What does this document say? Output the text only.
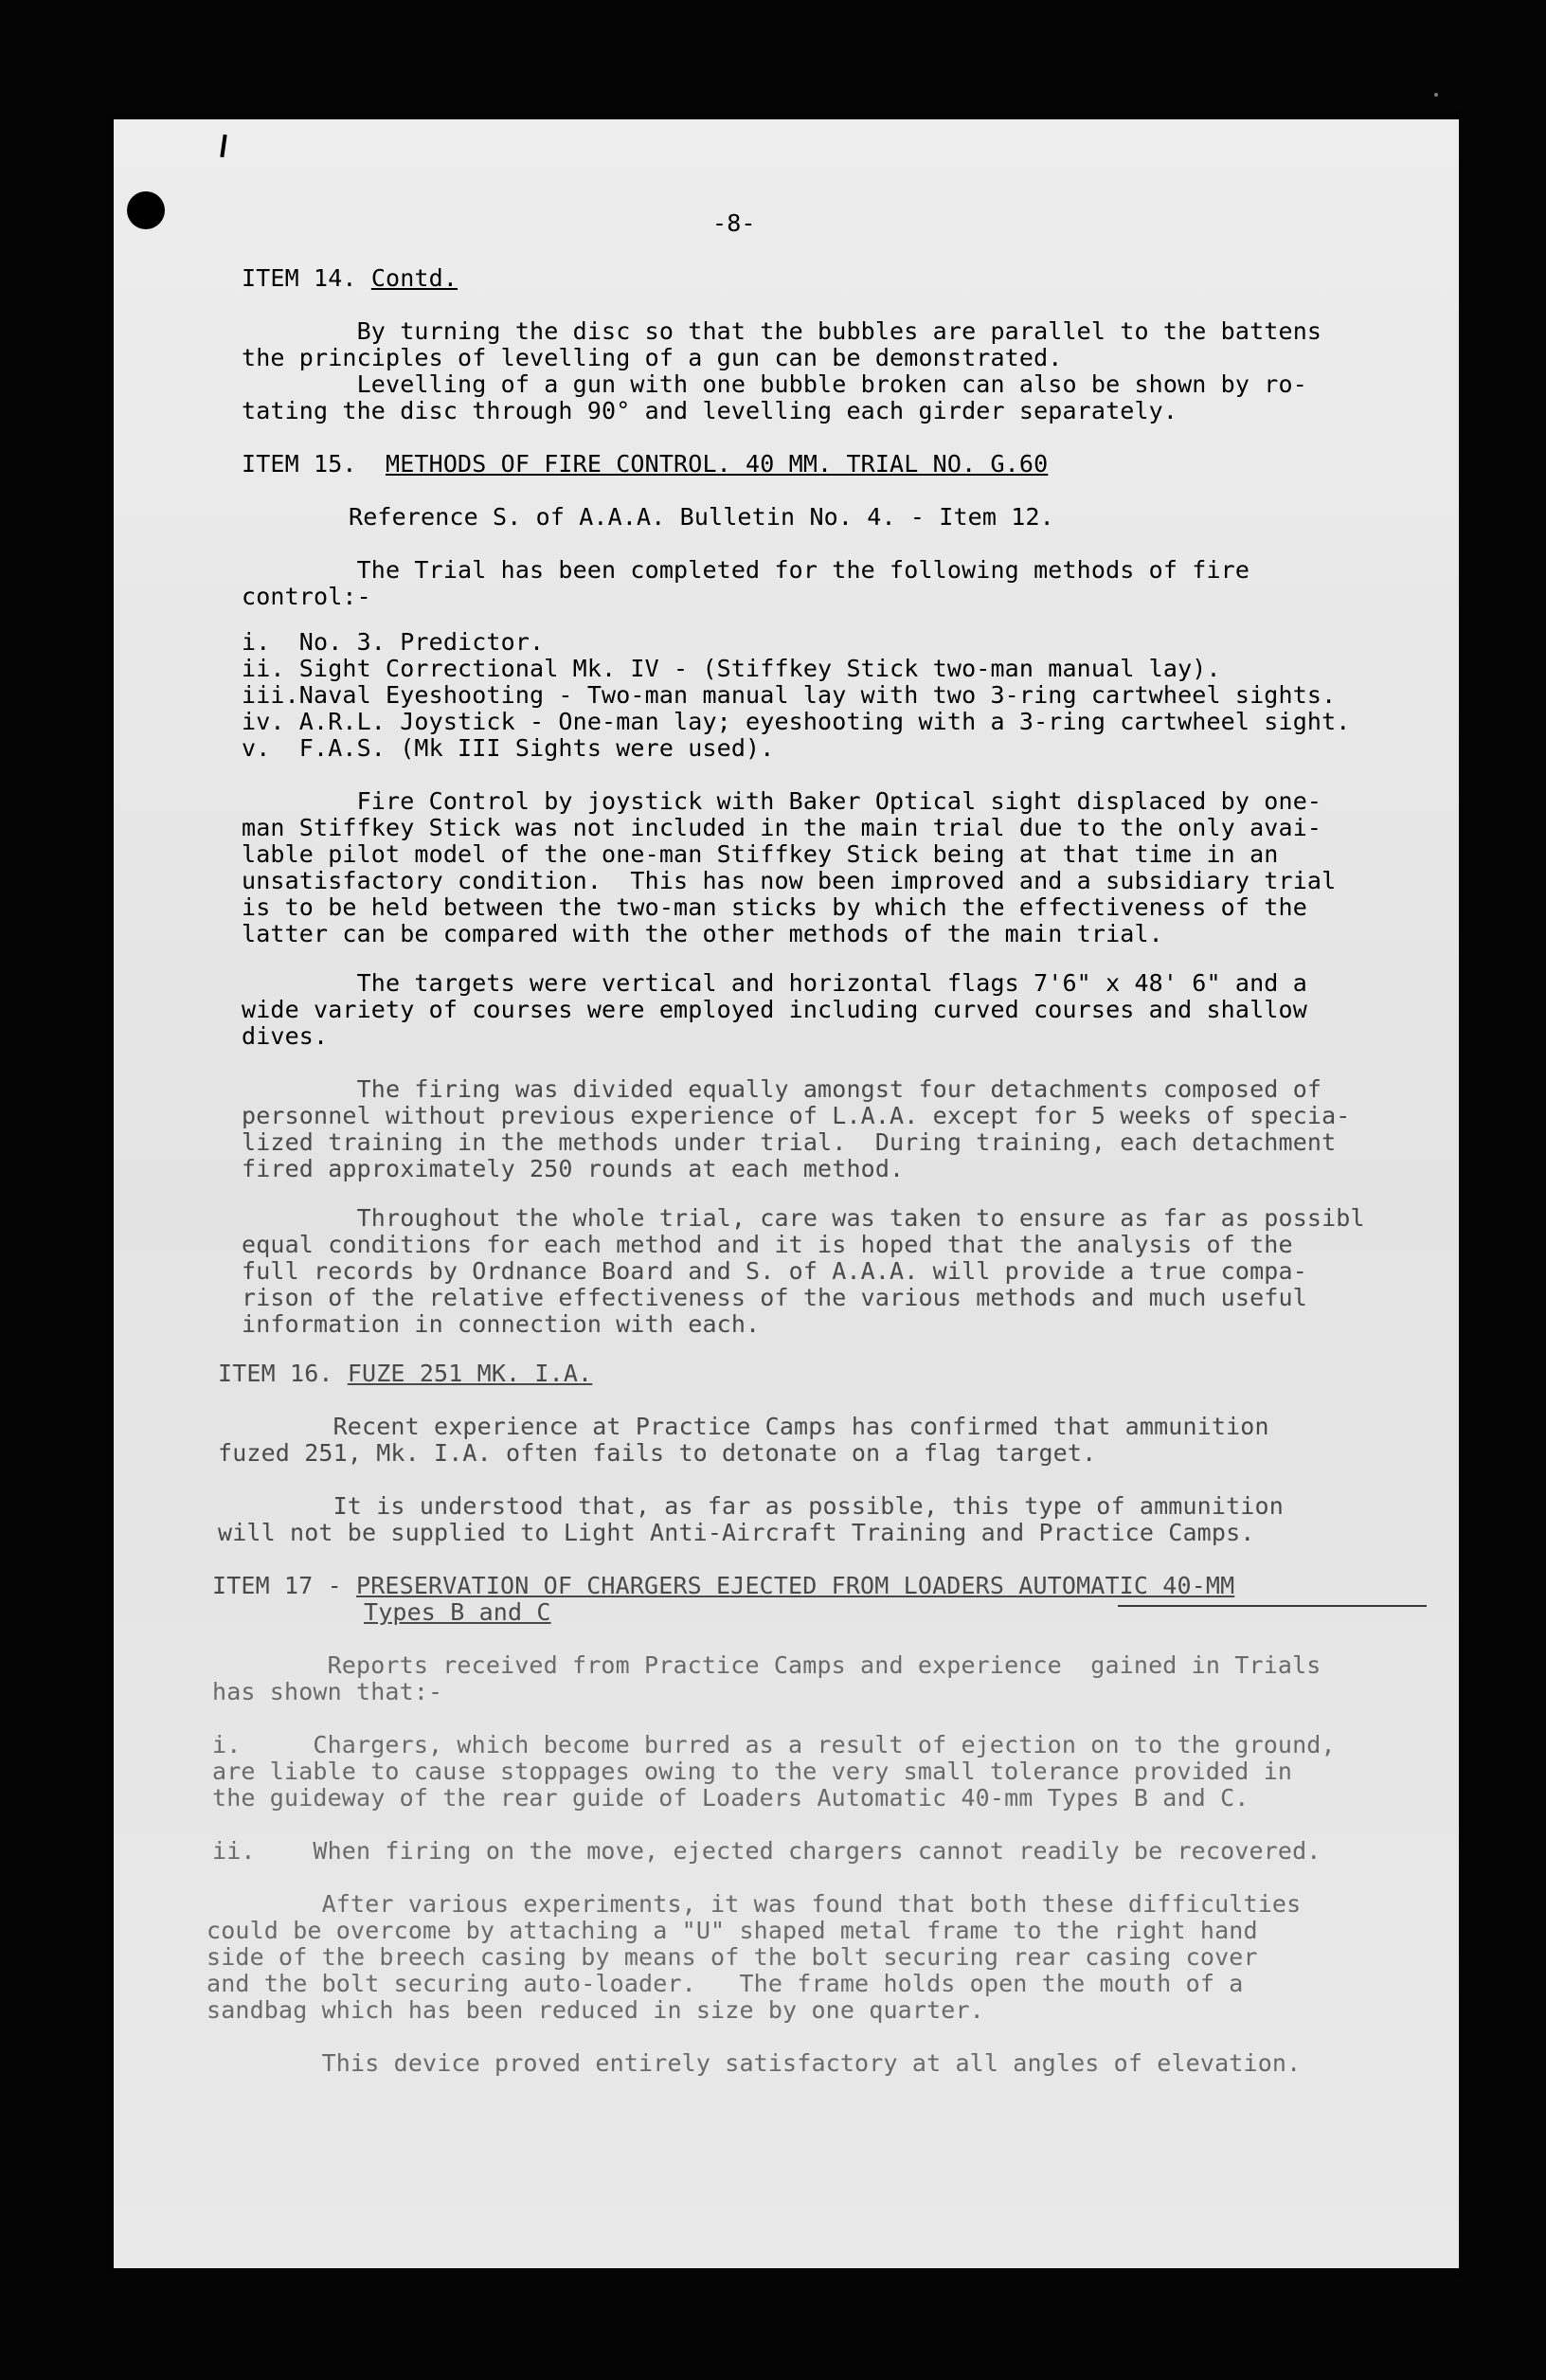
-8-
ITEM 14. Contd.
By turning the disc so that the bubbles are parallel to the battens
the principles of levelling of a gun can be demonstrated.
Levelling of a gun with one bubble broken can also be shown by ro-
tating the disc through 90° and levelling each girder separately.
ITEM 15.  METHODS OF FIRE CONTROL. 40 MM. TRIAL NO. G.60
Reference S. of A.A.A. Bulletin No. 4. - Item 12.
The Trial has been completed for the following methods of fire
control:-
i.  No. 3. Predictor.
ii. Sight Correctional Mk. IV - (Stiffkey Stick two-man manual lay).
iii.Naval Eyeshooting - Two-man manual lay with two 3-ring cartwheel sights.
iv. A.R.L. Joystick - One-man lay; eyeshooting with a 3-ring cartwheel sight.
v.  F.A.S. (Mk III Sights were used).
Fire Control by joystick with Baker Optical sight displaced by one-
man Stiffkey Stick was not included in the main trial due to the only avai-
lable pilot model of the one-man Stiffkey Stick being at that time in an
unsatisfactory condition.  This has now been improved and a subsidiary trial
is to be held between the two-man sticks by which the effectiveness of the
latter can be compared with the other methods of the main trial.
The targets were vertical and horizontal flags 7'6" x 48' 6" and a
wide variety of courses were employed including curved courses and shallow
dives.
The firing was divided equally amongst four detachments composed of
personnel without previous experience of L.A.A. except for 5 weeks of specia-
lized training in the methods under trial.  During training, each detachment
fired approximately 250 rounds at each method.
Throughout the whole trial, care was taken to ensure as far as possibl
equal conditions for each method and it is hoped that the analysis of the
full records by Ordnance Board and S. of A.A.A. will provide a true compa-
rison of the relative effectiveness of the various methods and much useful
information in connection with each.
ITEM 16. FUZE 251 MK. I.A.
Recent experience at Practice Camps has confirmed that ammunition
fuzed 251, Mk. I.A. often fails to detonate on a flag target.
It is understood that, as far as possible, this type of ammunition
will not be supplied to Light Anti-Aircraft Training and Practice Camps.
ITEM 17 - PRESERVATION OF CHARGERS EJECTED FROM LOADERS AUTOMATIC 40-MM
Types B and C
Reports received from Practice Camps and experience  gained in Trials
has shown that:-
i.     Chargers, which become burred as a result of ejection on to the ground,
are liable to cause stoppages owing to the very small tolerance provided in
the guideway of the rear guide of Loaders Automatic 40-mm Types B and C.
ii.    When firing on the move, ejected chargers cannot readily be recovered.
After various experiments, it was found that both these difficulties
could be overcome by attaching a "U" shaped metal frame to the right hand
side of the breech casing by means of the bolt securing rear casing cover
and the bolt securing auto-loader.   The frame holds open the mouth of a
sandbag which has been reduced in size by one quarter.
This device proved entirely satisfactory at all angles of elevation.
